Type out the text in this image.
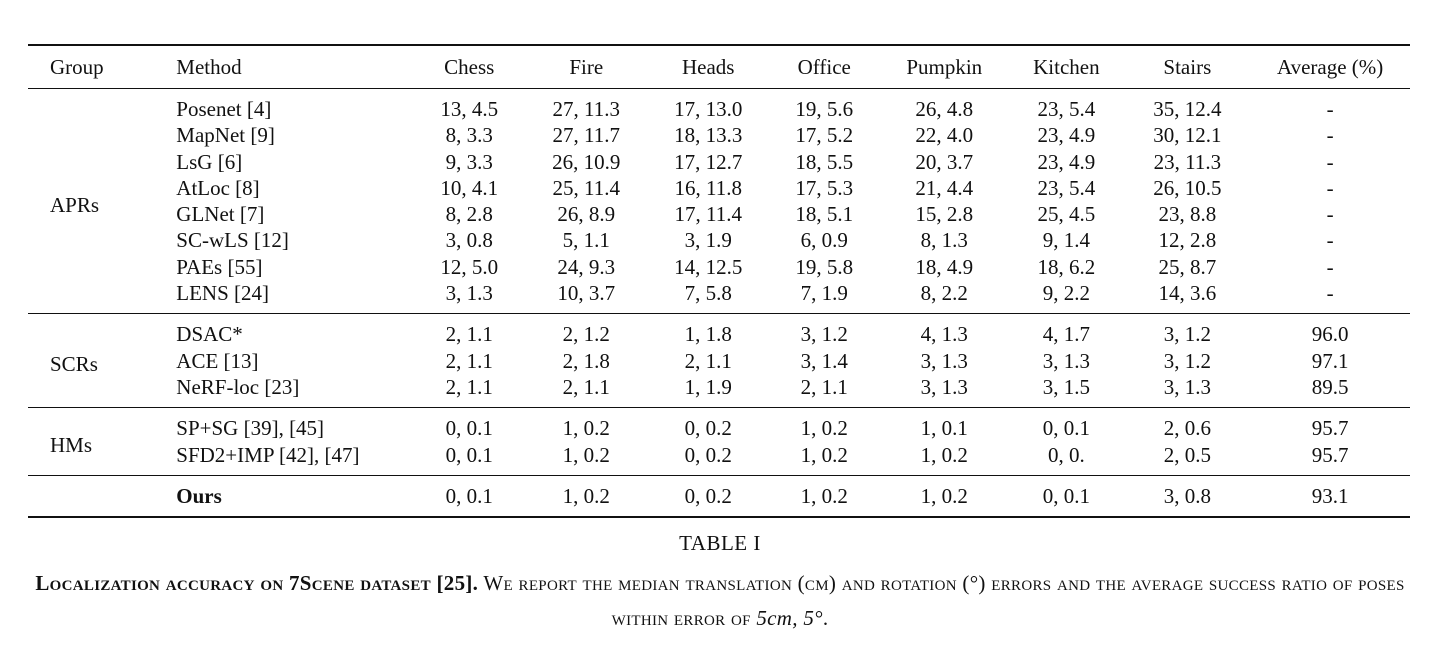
Group	Method	Chess	Fire	Heads	Office	Pumpkin	Kitchen	Stairs	Average (%)
APRs	Posenet [4]	13, 4.5	27, 11.3	17, 13.0	19, 5.6	26, 4.8	23, 5.4	35, 12.4	-
	MapNet [9]	8, 3.3	27, 11.7	18, 13.3	17, 5.2	22, 4.0	23, 4.9	30, 12.1	-
	LsG [6]	9, 3.3	26, 10.9	17, 12.7	18, 5.5	20, 3.7	23, 4.9	23, 11.3	-
	AtLoc [8]	10, 4.1	25, 11.4	16, 11.8	17, 5.3	21, 4.4	23, 5.4	26, 10.5	-
	GLNet [7]	8, 2.8	26, 8.9	17, 11.4	18, 5.1	15, 2.8	25, 4.5	23, 8.8	-
	SC-wLS [12]	3, 0.8	5, 1.1	3, 1.9	6, 0.9	8, 1.3	9, 1.4	12, 2.8	-
	PAEs [55]	12, 5.0	24, 9.3	14, 12.5	19, 5.8	18, 4.9	18, 6.2	25, 8.7	-
	LENS [24]	3, 1.3	10, 3.7	7, 5.8	7, 1.9	8, 2.2	9, 2.2	14, 3.6	-
SCRs	DSAC*	2, 1.1	2, 1.2	1, 1.8	3, 1.2	4, 1.3	4, 1.7	3, 1.2	96.0
	ACE [13]	2, 1.1	2, 1.8	2, 1.1	3, 1.4	3, 1.3	3, 1.3	3, 1.2	97.1
	NeRF-loc [23]	2, 1.1	2, 1.1	1, 1.9	2, 1.1	3, 1.3	3, 1.5	3, 1.3	89.5
HMs	SP+SG [39], [45]	0, 0.1	1, 0.2	0, 0.2	1, 0.2	1, 0.1	0, 0.1	2, 0.6	95.7
	SFD2+IMP [42], [47]	0, 0.1	1, 0.2	0, 0.2	1, 0.2	1, 0.2	0, 0.	2, 0.5	95.7
	Ours	0, 0.1	1, 0.2	0, 0.2	1, 0.2	1, 0.2	0, 0.1	3, 0.8	93.1
TABLE I
Localization accuracy on 7Scene dataset [25]. We report the median translation (cm) and rotation (°) errors and the average success ratio of poses within error of 5cm, 5°.
